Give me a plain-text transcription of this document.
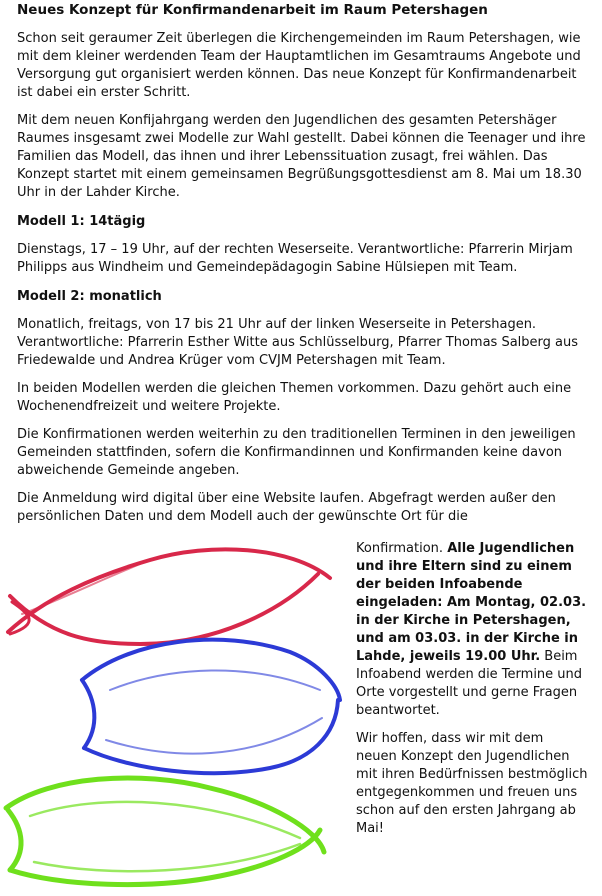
Neues Konzept für Konfirmandenarbeit im Raum Petershagen

Schon seit geraumer Zeit überlegen die Kirchengemeinden im Raum Petershagen, wie mit dem kleiner werdenden Team der Hauptamtlichen im Gesamtraums Angebote und Versorgung gut organisiert werden können. Das neue Konzept für Konfirmandenarbeit ist dabei ein erster Schritt.

Mit dem neuen Konfijahrgang werden den Jugendlichen des gesamten Petershäger Raumes insgesamt zwei Modelle zur Wahl gestellt. Dabei können die Teenager und ihre Familien das Modell, das ihnen und ihrer Lebenssituation zusagt, frei wählen. Das Konzept startet mit einem gemeinsamen Begrüßungsgottesdienst am 8. Mai um 18.30 Uhr in der Lahder Kirche.

Modell 1: 14tägig

Dienstags, 17 – 19 Uhr, auf der rechten Weserseite. Verantwortliche: Pfarrerin Mirjam Philipps aus Windheim und Gemeindepädagogin Sabine Hülsiepen mit Team.

Modell 2: monatlich

Monatlich, freitags, von 17 bis 21 Uhr auf der linken Weserseite in Petershagen. Verantwortliche: Pfarrerin Esther Witte aus Schlüsselburg, Pfarrer Thomas Salberg aus Friedewalde und Andrea Krüger vom CVJM Petershagen mit Team.

In beiden Modellen werden die gleichen Themen vorkommen. Dazu gehört auch eine Wochenendfreizeit und weitere Projekte.

Die Konfirmationen werden weiterhin zu den traditionellen Terminen in den jeweiligen Gemeinden stattfinden, sofern die Konfirmandinnen und Konfirmanden keine davon abweichende Gemeinde angeben.

Die Anmeldung wird digital über eine Website laufen. Abgefragt werden außer den persönlichen Daten und dem Modell auch der gewünschte Ort für die

Konfirmation. Alle Jugendlichen und ihre Eltern sind zu einem der beiden Infoabende eingeladen: Am Montag, 02.03. in der Kirche in Petershagen, und am 03.03. in der Kirche in Lahde, jeweils 19.00 Uhr. Beim Infoabend werden die Termine und Orte vorgestellt und gerne Fragen beantwortet.

Wir hoffen, dass wir mit dem neuen Konzept den Jugendlichen mit ihren Bedürfnissen bestmöglich entgegenkommen und freuen uns schon auf den ersten Jahrgang ab Mai!
